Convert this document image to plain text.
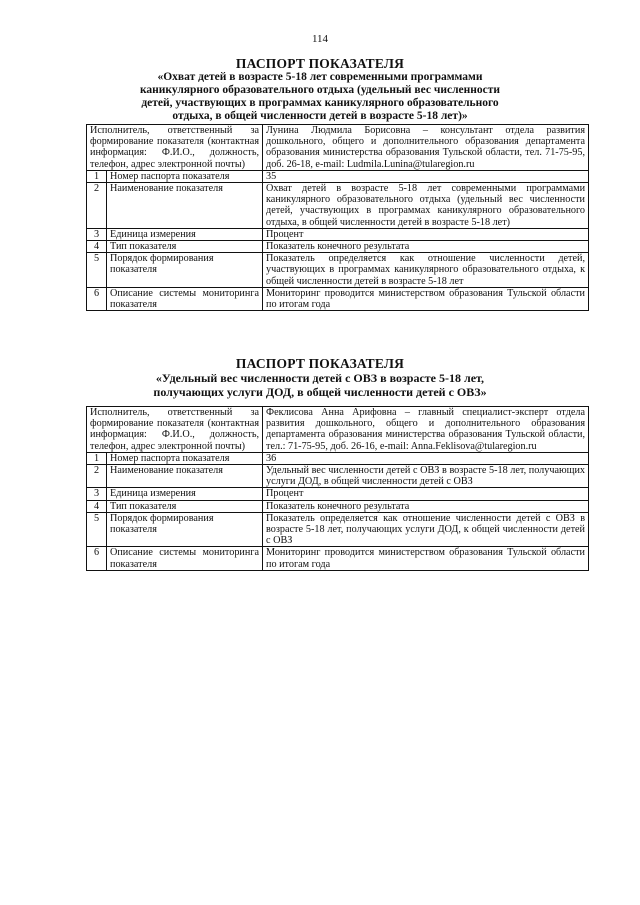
114
ПАСПОРТ ПОКАЗАТЕЛЯ
«Охват детей в возрасте 5-18 лет современными программами
каникулярного образовательного отдыха (удельный вес численности
детей, участвующих в программах каникулярного образовательного
отдыха, в общей численности детей в возрасте 5-18 лет)»
Исполнитель, ответственный за формирование показателя (контактная информация: Ф.И.О., должность, телефон, адрес электронной почты)		Лунина Людмила Борисовна – консультант отдела развития дошкольного, общего и дополнительного образования департамента образования министерства образования Тульской области, тел. 71-75-95, доб. 26-18, e-mail: Ludmila.Lunina@tularegion.ru
1	Номер паспорта показателя	35
2	Наименование показателя	Охват детей в возрасте 5-18 лет современными программами каникулярного образовательного отдыха (удельный вес численности детей, участвующих в программах каникулярного образовательного отдыха, в общей численности детей в возрасте 5-18 лет)
3	Единица измерения	Процент
4	Тип показателя	Показатель конечного результата
5	Порядок формирования показателя	Показатель определяется как отношение численности детей, участвующих в программах каникулярного образовательного отдыха, к общей численности детей в возрасте 5-18 лет
6	Описание системы мониторинга показателя	Мониторинг проводится министерством образования Тульской области по итогам года
ПАСПОРТ ПОКАЗАТЕЛЯ
«Удельный вес численности детей с ОВЗ в возрасте 5-18 лет,
получающих услуги ДОД, в общей численности детей с ОВЗ»
Исполнитель, ответственный за формирование показателя (контактная информация: Ф.И.О., должность, телефон, адрес электронной почты)		Феклисова Анна Арифовна – главный специалист-эксперт отдела развития дошкольного, общего и дополнительного образования департамента образования министерства образования Тульской области, тел.: 71-75-95, доб. 26-16, e-mail: Anna.Feklisova@tularegion.ru
1	Номер паспорта показателя	36
2	Наименование показателя	Удельный вес численности детей с ОВЗ в возрасте 5-18 лет, получающих услуги ДОД, в общей численности детей с ОВЗ
3	Единица измерения	Процент
4	Тип показателя	Показатель конечного результата
5	Порядок формирования показателя	Показатель определяется как отношение численности детей с ОВЗ в возрасте 5-18 лет, получающих услуги ДОД, к общей численности детей с ОВЗ
6	Описание системы мониторинга показателя	Мониторинг проводится министерством образования Тульской области по итогам года
